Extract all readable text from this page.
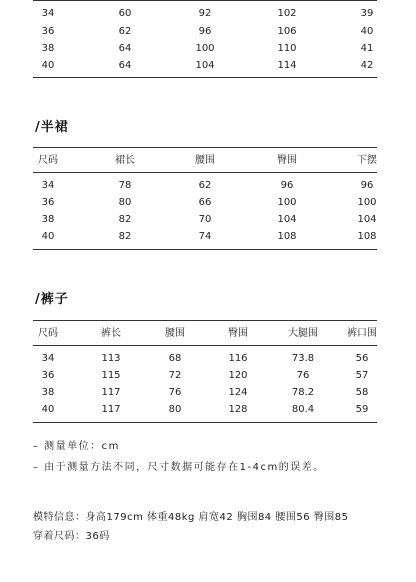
34	60	92	102	39
36	62	96	106	40
38	64	100	110	41
40	64	104	114	42
/半裙
尺码	裙长	腰围	臀围	下摆
34	78	62	96	96
36	80	66	100	100
38	82	70	104	104
40	82	74	108	108
/裤子
尺码	裤长	腰围	臀围	大腿围	裤口围
34	113	68	116	73.8	56
36	115	72	120	76	57
38	117	76	124	78.2	58
40	117	80	128	80.4	59
– 测量单位：cm
– 由于测量方法不同，尺寸数据可能存在1-4cm的误差。
模特信息：身高179cm 体重48kg 肩宽42 胸围84 腰围56 臀围85
穿着尺码：36码
